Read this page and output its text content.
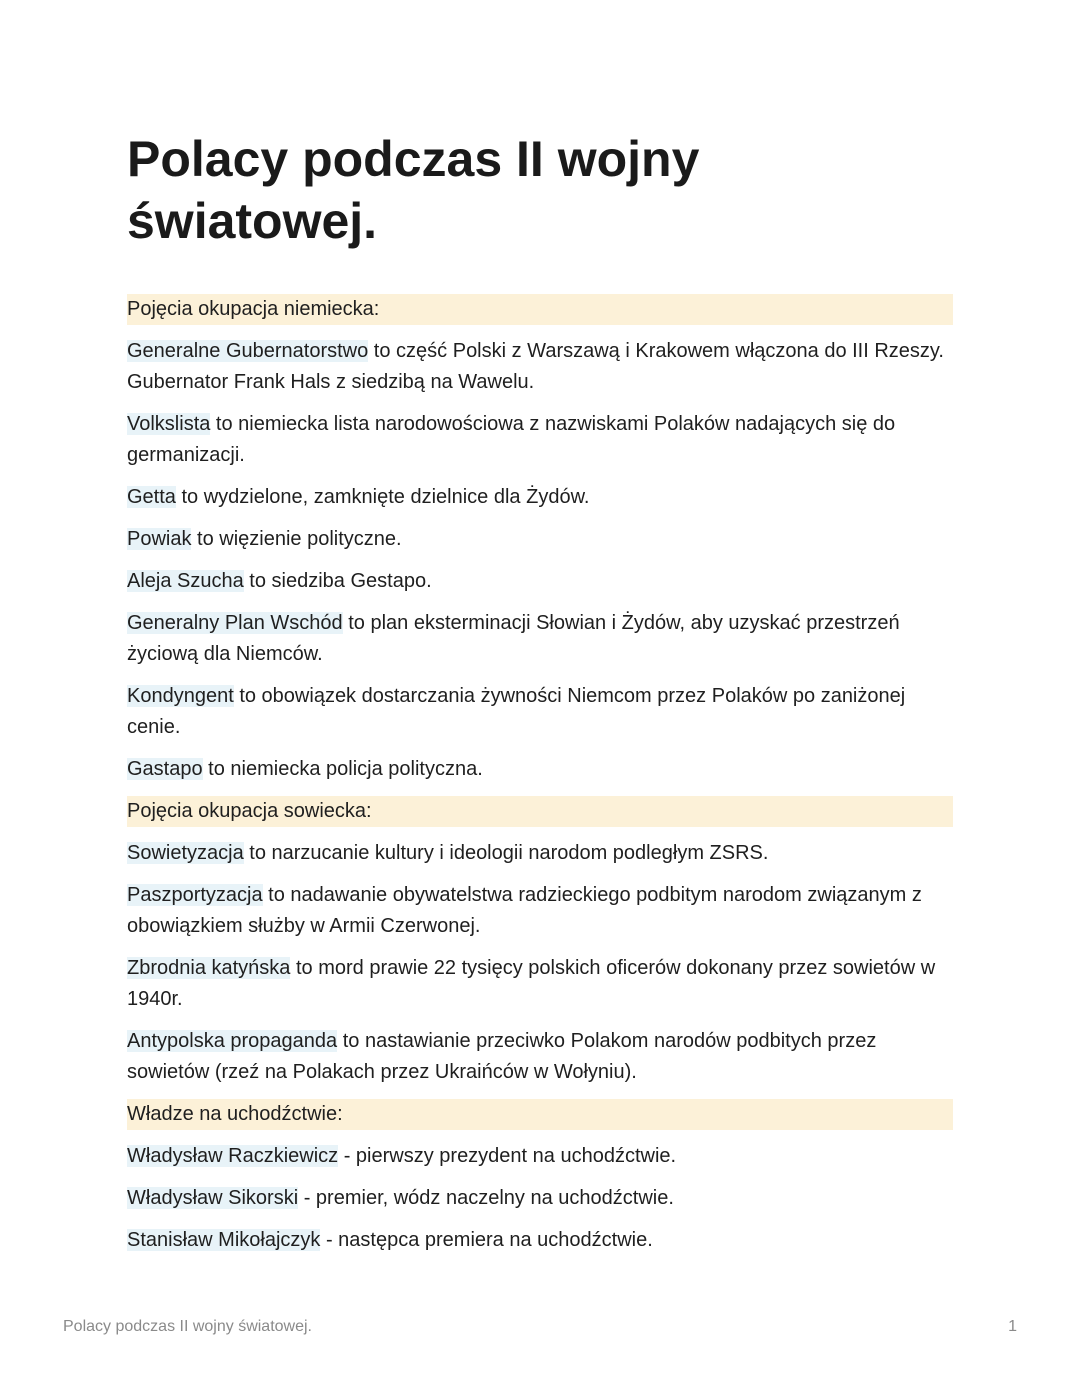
Polacy podczas II wojny światowej.
Pojęcia okupacja niemiecka:

Generalne Gubernatorstwo to część Polski z Warszawą i Krakowem włączona do III Rzeszy. Gubernator Frank Hals z siedzibą na Wawelu.

Volkslista to niemiecka lista narodowościowa z nazwiskami Polaków nadających się do germanizacji.

Getta to wydzielone, zamknięte dzielnice dla Żydów.

Powiak to więzienie polityczne.

Aleja Szucha to siedziba Gestapo.

Generalny Plan Wschód to plan eksterminacji Słowian i Żydów, aby uzyskać przestrzeń życiową dla Niemców.

Kondyngent to obowiązek dostarczania żywności Niemcom przez Polaków po zaniżonej cenie.

Gastapo to niemiecka policja polityczna.

Pojęcia okupacja sowiecka:

Sowietyzacja to narzucanie kultury i ideologii narodom podległym ZSRS.

Paszportyzacja to nadawanie obywatelstwa radzieckiego podbitym narodom związanym z obowiązkiem służby w Armii Czerwonej.

Zbrodnia katyńska to mord prawie 22 tysięcy polskich oficerów dokonany przez sowietów w 1940r.

Antypolska propaganda to nastawianie przeciwko Polakom narodów podbitych przez sowietów (rzeź na Polakach przez Ukraińców w Wołyniu).

Władze na uchodźctwie:

Władysław Raczkiewicz - pierwszy prezydent na uchodźctwie.

Władysław Sikorski - premier, wódz naczelny na uchodźctwie.

Stanisław Mikołajczyk - następca premiera na uchodźctwie.

Polacy podczas II wojny światowej.	1
